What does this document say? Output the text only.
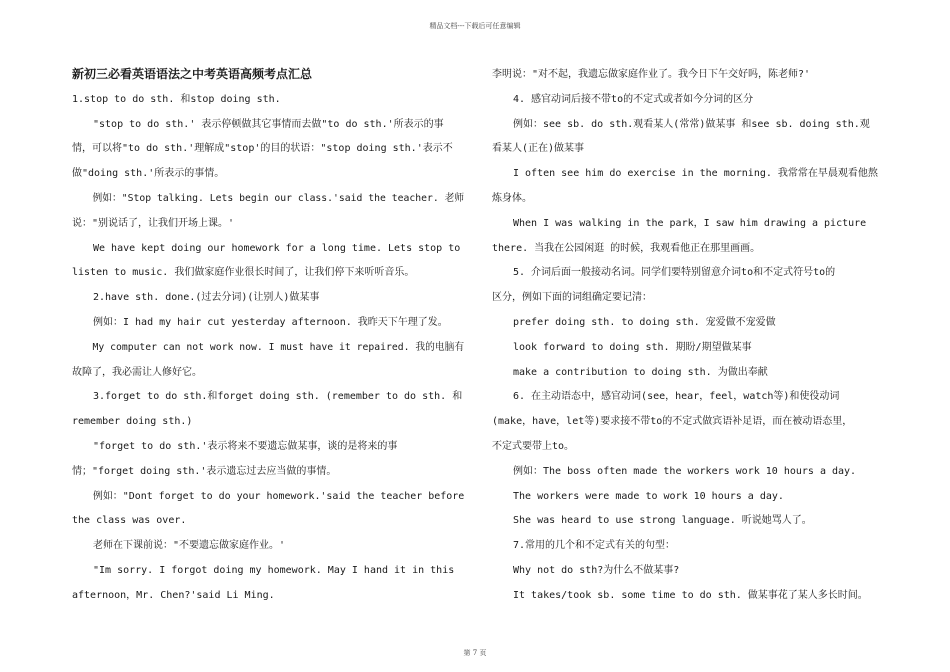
精品文档---下载后可任意编辑
新初三必看英语语法之中考英语高频考点汇总
1.stop to do sth. 和stop doing sth.
"stop to do sth.' 表示停顿做其它事情而去做"to do sth.'所表示的事
情，可以将"to do sth.'理解成"stop'的目的状语："stop doing sth.'表示不
做"doing sth.'所表示的事情。
例如："Stop talking. Lets begin our class.'said the teacher. 老师
说："别说话了，让我们开场上课。'
We have kept doing our homework for a long time. Lets stop to
listen to music. 我们做家庭作业很长时间了，让我们停下来听听音乐。
2.have sth. done.(过去分词)(让别人)做某事
例如：I had my hair cut yesterday afternoon. 我昨天下午理了发。
My computer can not work now. I must have it repaired. 我的电脑有
故障了，我必需让人修好它。
3.forget to do sth.和forget doing sth. (remember to do sth. 和
remember doing sth.)
"forget to do sth.'表示将来不要遗忘做某事，谈的是将来的事
情；"forget doing sth.'表示遗忘过去应当做的事情。
例如："Dont forget to do your homework.'said the teacher before
the class was over.
老师在下课前说："不要遗忘做家庭作业。'
"Im sorry. I forgot doing my homework. May I hand it in this
afternoon，Mr. Chen?'said Li Ming.
李明说："对不起，我遗忘做家庭作业了。我今日下午交好吗，陈老师?'
4. 感官动词后接不带to的不定式或者如今分词的区分
例如：see sb. do sth.观看某人(常常)做某事 和see sb. doing sth.观
看某人(正在)做某事
I often see him do exercise in the morning. 我常常在早晨观看他熬
炼身体。
When I was walking in the park，I saw him drawing a picture
there. 当我在公园闲逛 的时候，我观看他正在那里画画。
5. 介词后面一般接动名词。同学们要特别留意介词to和不定式符号to的
区分，例如下面的词组确定要记清：
prefer doing sth. to doing sth. 宠爱做不宠爱做
look forward to doing sth. 期盼/期望做某事
make a contribution to doing sth. 为做出奉献
6. 在主动语态中，感官动词(see，hear，feel，watch等)和使役动词
(make，have，let等)要求接不带to的不定式做宾语补足语，而在被动语态里，
不定式要带上to。
例如：The boss often made the workers work 10 hours a day.
The workers were made to work 10 hours a day.
She was heard to use strong language. 听说她骂人了。
7.常用的几个和不定式有关的句型：
Why not do sth?为什么不做某事?
It takes/took sb. some time to do sth. 做某事花了某人多长时间。
第 7 页
